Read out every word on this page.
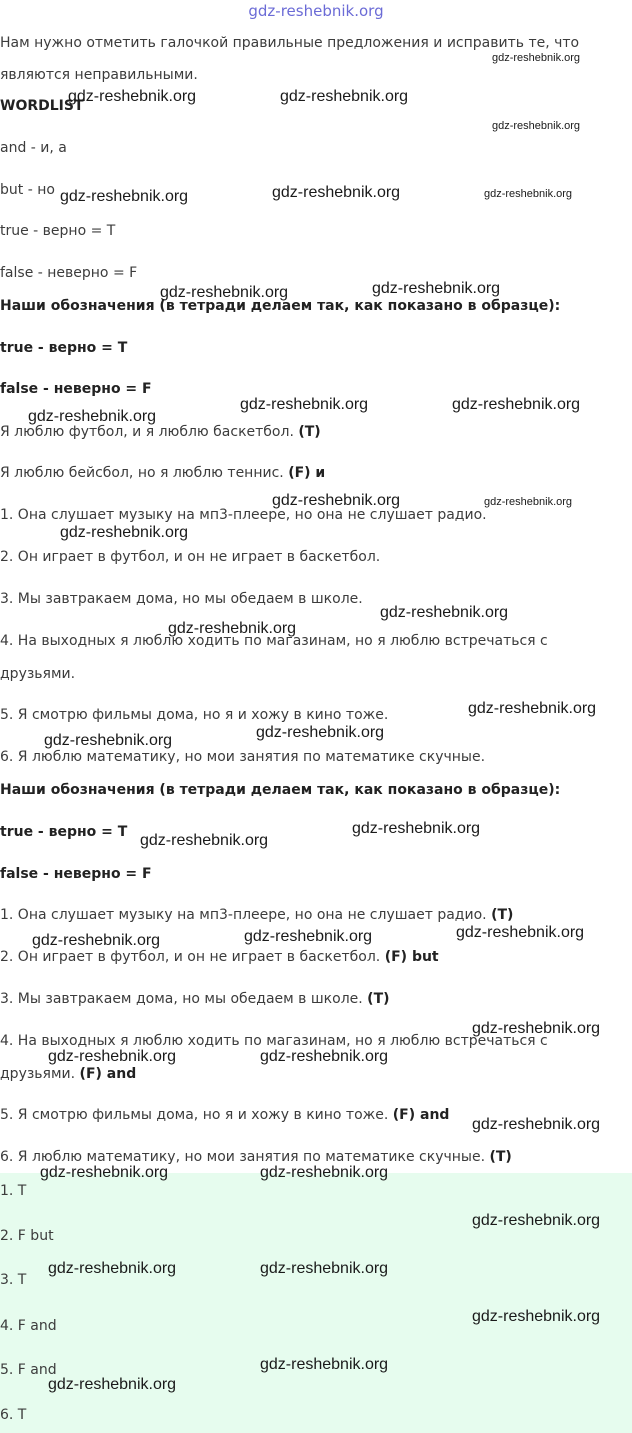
gdz-reshebnik.org
Нам нужно отметить галочкой правильные предложения и исправить те, что
являются неправильными.
WORDLIST
and - и, а
but - но
true - верно = T
false - неверно = F
Наши обозначения (в тетради делаем так, как показано в образце):
true - верно = T
false - неверно = F
Я люблю футбол, и я люблю баскетбол. (T)
Я люблю бейсбол, но я люблю теннис. (F) и
1. Она слушает музыку на мп3-плеере, но она не слушает радио.
2. Он играет в футбол, и он не играет в баскетбол.
3. Мы завтракаем дома, но мы обедаем в школе.
4. На выходных я люблю ходить по магазинам, но я люблю встречаться с
друзьями.
5. Я смотрю фильмы дома, но я и хожу в кино тоже.
6. Я люблю математику, но мои занятия по математике скучные.
Наши обозначения (в тетради делаем так, как показано в образце):
true - верно = T
false - неверно = F
1. Она слушает музыку на мп3-плеере, но она не слушает радио. (T)
2. Он играет в футбол, и он не играет в баскетбол. (F) but
3. Мы завтракаем дома, но мы обедаем в школе. (T)
4. На выходных я люблю ходить по магазинам, но я люблю встречаться с
друзьями. (F) and
5. Я смотрю фильмы дома, но я и хожу в кино тоже. (F) and
6. Я люблю математику, но мои занятия по математике скучные. (T)
1. T
2. F but
3. T
4. F and
5. F and
6. T
gdz-reshebnik.org
gdz-reshebnik.org	gdz-reshebnik.org
gdz-reshebnik.org
gdz-reshebnik.org	gdz-reshebnik.org	gdz-reshebnik.org
gdz-reshebnik.org	gdz-reshebnik.org
gdz-reshebnik.org
gdz-reshebnik.org	gdz-reshebnik.org
gdz-reshebnik.org	gdz-reshebnik.org
gdz-reshebnik.org
gdz-reshebnik.org
gdz-reshebnik.org
gdz-reshebnik.org
gdz-reshebnik.org
gdz-reshebnik.org
gdz-reshebnik.org
gdz-reshebnik.org
gdz-reshebnik.org
gdz-reshebnik.org
gdz-reshebnik.org
gdz-reshebnik.org
gdz-reshebnik.org	gdz-reshebnik.org
gdz-reshebnik.org
gdz-reshebnik.org	gdz-reshebnik.org
gdz-reshebnik.org
gdz-reshebnik.org	gdz-reshebnik.org
gdz-reshebnik.org
gdz-reshebnik.org
gdz-reshebnik.org
